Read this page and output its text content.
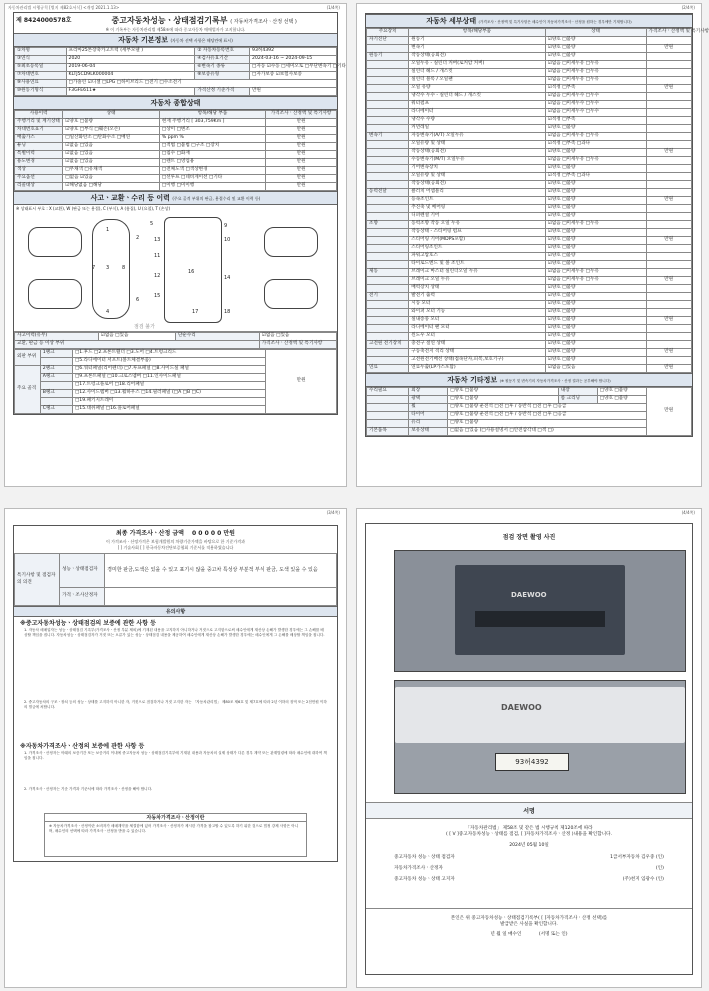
자동차관리법 시행규칙 [별지 제82호서식] <개정 2021.1.13>	(1/4쪽)
제 8424000578호	중고자동차성능ㆍ상태점검기록부 ( 자동차가격조사ㆍ산정 선택 )
※ 이 기록부는 자동차관리법 제58조에 따라 중고자동차 매매업자가 고지합니다.
자동차 기본정보 (자동차 선택 사항은 해당란에 표시)
①차명	프리마25톤장축카고트럭 (세부모델 )	② 자동차등록번호	93허4392
③연식	2020	④검사유효기간	2024-03-16 ~ 2024-09-15
⑤최초등록일	2019-06-04	⑥변속기 종류	□자동 ☑수동 □세미오토 □무단변속기 □기타
⑦차대번호	KLTJ5CD9LK000004	⑧보증유형	□자가보증 ☑보험사보증
⑨사용연료	□가솔린 ☑디젤 □LPG □하이브리드 □전기 □수소전기		
⑩원동기형식	F3GFE611★	가격산정 기준가격	만원
자동차 종합상태
사용이력	상태	항목/해당 부품	가격조사ㆍ산정액 및 특기사항
주행거리 및 계기상태	☑양호 □불량	현재 주행거리 [ 303,759Km ]	만원
차대번호표기	☑양호 □부식 □훼손(오손)	□상이 □변조	만원
배출가스	□일산화탄소 □탄화수소 □매연	% ppm %	만원
튜닝	☑없음 □있음	□적법 □불법 □구조 □장치	만원
특별이력	☑없음 □있음	□침수 □화재	만원
용도변경	☑없음 □있음	□렌트 □영업용	만원
색상	□무채색 □유채색	□전체도색 □색상변경	만원
주요옵션	□없음 ☑있음	□선루프 □네비게이션 □기타	만원
리콜대상	☑해당없음 □해당	□이행 □미이행	만원
사고ㆍ교환ㆍ수리 등 이력 (주요 골격 부위의 판금, 용접수리 및 교환 이력 등)
※ 상태표시 부호 : X (교환), W (판금 또는 용접), C (부식), A (흠집), U (요철), T (손상)
1
2
3
4
5
6
7	8
9
10
11
12
13
14
15
16
17	18
점검 불가
사고이력(유무)	☑없음 □있음	단순수리	☑없음 □있음
교환, 판금 등 이상 부위			가격조사ㆍ산정액 및 특기사항
외판 부위	1랭크	□1.후드 □2.프론트휀더 □3.도어 □4.트렁크리드	만원
		□5.라디에이터 서포트(볼트체결부품)	
주요 골격	2랭크	□6.쿼터패널(리어펜더) □7.루프패널 □8.사이드실 패널	
	A랭크	□9.프론트패널 □10.크로스멤버 □11.인사이드패널	
		□17.트렁크플로어 □18.리어패널	
	B랭크	□12.사이드멤버 □13.휠하우스 □14.필러패널 (□A □B □C)	
		□19.패키지트레이	
	C랭크	□15.대쉬패널 □16.플로어패널	
(2/4쪽)
자동차 세부상태 (가격조사ㆍ산정액 및 특기사항은 매수인이 자동차가격조사ㆍ산정을 원하는 경우에만 기재합니다)
주요장치	항목/해당부품	상태	가격조사ㆍ산정액 및 특기사항
자기진단	원동기	☑양호 □불량	
	변속기	☑양호 □불량	만원
원동기	작동상태(공회전)	☑양호 □불량	
	오일누유 - 실린더 커버(로커암 커버)	☑없음 □미세누유 □누유	
	실린더 헤드 / 개스킷	☑없음 □미세누유 □누유	
	실린더 블록 / 오일팬	☑없음 □미세누유 □누유	
	오일 유량	☑적정 □부족	만원
	냉각수 누수 - 실린더 헤드 / 개스킷	☑없음 □미세누수 □누수	
	워터펌프	☑없음 □미세누수 □누수	
	라디에이터	☑없음 □미세누수 □누수	
	냉각수 수량	☑적정 □부족	
	커먼레일	☑양호 □불량	
변속기	자동변속기(A/T) 오일누유	☑없음 □미세누유 □누유	
	오일유량 및 상태	☑적정 □부족 □과다	
	작동상태(공회전)	☑양호 □불량	만원
	수동변속기(M/T) 오일누유	☑없음 □미세누유 □누유	
	기어변속장치	☑양호 □불량	
	오일유량 및 상태	☑적정 □부족 □과다	
	작동상태(공회전)	☑양호 □불량	
동력전달	클러치 어셈블리	☑양호 □불량	
	등속조인트	☑양호 □불량	만원
	추진축 및 베어링	☑양호 □불량	
	디퍼렌셜 기어	☑양호 □불량	
조향	동력조향 작동 오일 누유	☑없음 □미세누유 □누유	
	작동상태 - 스티어링 펌프	☑양호 □불량	
	스티어링 기어(MDPS포함)	☑양호 □불량	만원
	스티어링조인트	☑양호 □불량	
	파워고압호스	☑양호 □불량	
	타이로드엔드 및 볼 조인트	☑양호 □불량	
제동	브레이크 마스터 실린더오일 누유	☑없음 □미세누유 □누유	
	브레이크 오일 누유	☑없음 □미세누유 □누유	만원
	배력장치 상태	☑양호 □불량	
전기	발전기 출력	☑양호 □불량	
	시동 모터	☑양호 □불량	
	와이퍼 모터 기능	☑양호 □불량	
	실내송풍 모터	☑양호 □불량	만원
	라디에이터 팬 모터	☑양호 □불량	
	윈도우 모터	☑양호 □불량	
고전원 전기장치	충전구 절연 상태	☑양호 □불량	
	구동축전지 격리 상태	☑양호 □불량	만원
	고전원전기배선 상태(접속단자,피복,보호기구)	☑양호 □불량	
연료	연료누출(LP가스포함)	☑없음 □있음	만원
자동차 기타정보 (※ 원동기 및 변속기의 자동차가격조사ㆍ산정 결과는 공부해야 합니다)
수리필요	외장	□양호 □불량	내장	□양호 □불량	만원
	광택	□양호 □불량	룸 크리닝	□양호 □불량	
	휠	□양호 □불량 운전석 □전 □후 / 동반석 □전 □후 □응급			
	타이어	□양호 □불량 운전석 □전 □후 / 동반석 □전 □후 □응급			
	유리	□양호 □불량			
기본품목	보유상태	□없음 □있음 (□사용설명서 □안전삼각대 □잭 □)			
(3/4쪽)
최종 가격조사ㆍ산정 금액 0 0 0 0 0 만원
이 가격조사ㆍ산정가격은 보험개발원의 차량기준가액을 바탕으로 한 기준가격과
[ ] 기술사회 [ ] 한국자동차진단보증협회 기준서를 적용하였습니다
특기사항 및 점검자의 의견	성능ㆍ상태점검자	경미한 판금,도색은 있을 수 있고 표기시 않을 중고차 특성상 부분적 부식 판금, 도색 있을 수 있음
	가격ㆍ조사산정자	
유의사항
※중고자동차성능ㆍ상태점검의 보증에 관한 사항 등
1. 자동차 매매업자는 성능ㆍ상태점검 기록부(가격조사ㆍ산정 부분 제외)에 기재된 내용을 고지하지 아니하거나 거짓으로 고지함으로써 매수인에게 재산상 손해가 발생한 경우에는 그 손해를 배상할 책임을 집니다. 자동차성능ㆍ상태점검자가 거짓 또는 오류가 있는 성능ㆍ상태점검 내용을 제공하여 매수인에게 재산상 손해가 발생한 경우에는 매수인에게 그 손해를 배상할 책임을 집니다.
2. 중고자동차의 구조ㆍ장치 등의 성능ㆍ상태를 고지하지 아니한 자, 거짓으로 점검하거나 거짓 고지한 자는 「자동차관리법」 제80조 제6호 및 제7호에 따라 2년 이하의 징역 또는 2천만원 이하의 벌금에 처합니다.
※자동차가격조사ㆍ산정의 보증에 관한 사항 등
1. 가격조사ㆍ산정자는 아래의 보증기간 또는 보증거리 이내에 중고자동차 성능ㆍ상태점검기록부에 기재된 내용과 자동차의 실제 상태가 다른 경우 계약 또는 관계법령에 따라 매수인에 대하여 책임을 집니다.
2. 가격조사ㆍ산정자는 기준 가격과 기준서에 따라 가격조사ㆍ산정을 해야 합니다.
자동차가격조사ㆍ산정이란
※ 자동차가격조사ㆍ산정이란 소비자가 매매계약을 체결함에 있어 가격조사ㆍ산정자가 제시한 가격을 참고할 수 있도록 하기 위한 것으로 법정 강제 사항은 아니며, 매수인의 선택에 따라 가격조사ㆍ산정을 받을 수 있습니다.
(4/4쪽)
점검 장면 촬영 사진
DAEWOO
DAEWOO
93허4392
서명
「자동차관리법」 제58조 및 같은 법 시행규칙 제120조에 따라
( [ V ]중고자동차성능ㆍ상태를 점검, [ ]자동차가격조사ㆍ산정 )내용을 확인합니다.
2024년 05월 10일
중고자동차 성능ㆍ상태 점검자	1급서부자동차 김우중 (인)
자동차가격조사ㆍ산정자	(인)
중고자동차 성능ㆍ상태 고지자	(주)천지 임광수 (인)
본인은 위 중고자동차성능ㆍ상태점검기록부( [ ]자동차가격조사ㆍ산정 선택)를
발급받은 사실을 확인합니다.
년 월 일 매수인	(서명 또는 인)
